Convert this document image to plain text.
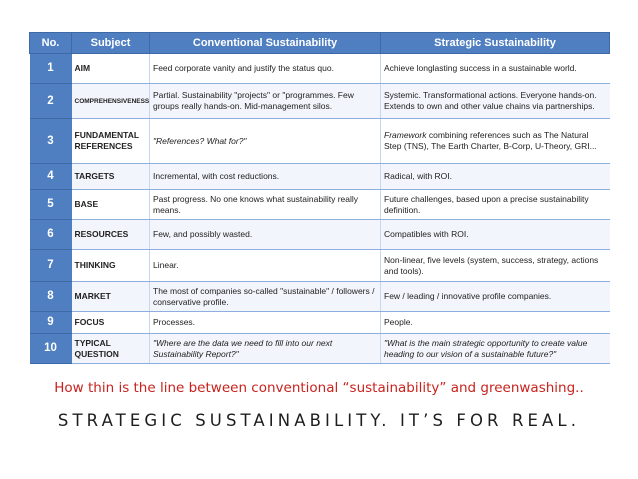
No.	Subject	Conventional Sustainability	Strategic Sustainability
1	AIM	Feed corporate vanity and justify the status quo.	Achieve longlasting success in a sustainable world.
2	COMPREHENSIVENESS	Partial. Sustainability "projects" or "programmes. Few groups really hands-on. Mid-management silos.	Systemic. Transformational actions. Everyone hands-on. Extends to own and other value chains via partnerships.
3	FUNDAMENTAL REFERENCES	"References? What for?"	Framework combining references such as The Natural Step (TNS), The Earth Charter, B-Corp, U-Theory, GRI...
4	TARGETS	Incremental, with cost reductions.	Radical, with ROI.
5	BASE	Past progress. No one knows what sustainability really means.	Future challenges, based upon a precise sustainability definition.
6	RESOURCES	Few, and possibly wasted.	Compatibles with ROI.
7	THINKING	Linear.	Non-linear, five levels (system, success, strategy, actions and tools).
8	MARKET	The most of companies so-called "sustainable" / followers / conservative profile.	Few / leading / innovative profile companies.
9	FOCUS	Processes.	People.
10	TYPICAL QUESTION	"Where are the data we need to fill into our next Sustainability Report?"	"What is the main strategic opportunity to create value heading to our vision of a sustainable future?"
How thin is the line between conventional “sustainability” and greenwashing..
STRATEGIC SUSTAINABILITY. IT’S FOR REAL.
